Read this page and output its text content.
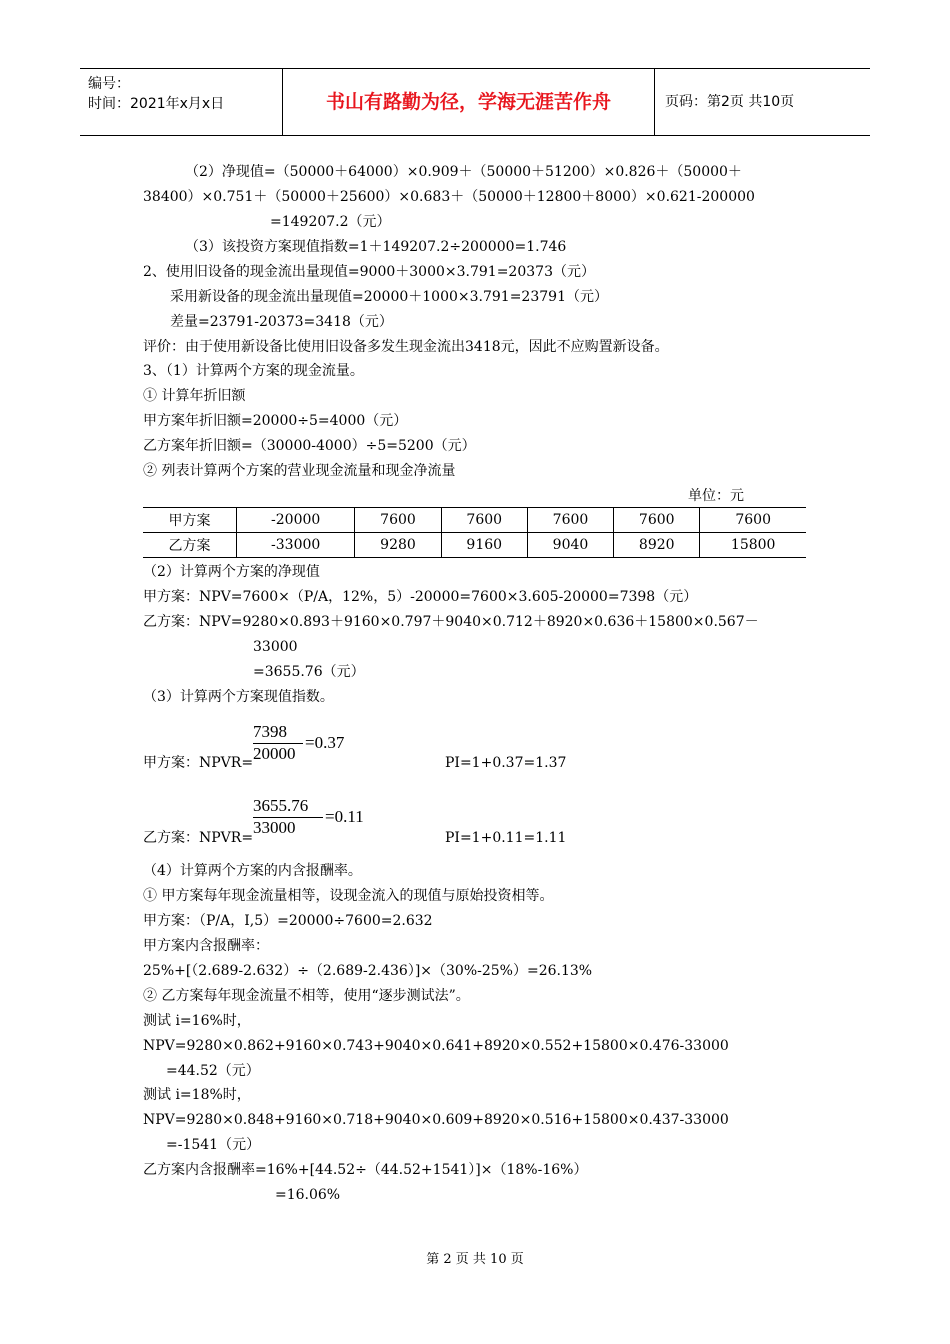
编号：
时间：2021年x月x日	书山有路勤为径，学海无涯苦作舟	页码：第2页 共10页
（2）净现值=（50000＋64000）×0.909＋（50000＋51200）×0.826＋（50000＋
38400）×0.751＋（50000＋25600）×0.683＋（50000＋12800＋8000）×0.621-200000
=149207.2（元）
（3）该投资方案现值指数=1＋149207.2÷200000=1.746
2、使用旧设备的现金流出量现值=9000＋3000×3.791=20373（元）
采用新设备的现金流出量现值=20000＋1000×3.791=23791（元）
差量=23791-20373=3418（元）
评价：由于使用新设备比使用旧设备多发生现金流出3418元，因此不应购置新设备。
3、（1）计算两个方案的现金流量。
① 计算年折旧额
甲方案年折旧额=20000÷5=4000（元）
乙方案年折旧额=（30000-4000）÷5=5200（元）
② 列表计算两个方案的营业现金流量和现金净流量
单位：元
甲方案	-20000	7600	7600	7600	7600	7600
乙方案	-33000	9280	9160	9040	8920	15800
（2）计算两个方案的净现值
甲方案：NPV=7600×（P/A，12%，5）-20000=7600×3.605-20000=7398（元）
乙方案：NPV=9280×0.893＋9160×0.797＋9040×0.712＋8920×0.636＋15800×0.567－
33000
=3655.76（元）
（3）计算两个方案现值指数。
7398
20000
=0.37
甲方案：NPVR=	PI=1+0.37=1.37
3655.76
33000
=0.11
乙方案：NPVR=	PI=1+0.11=1.11
（4）计算两个方案的内含报酬率。
① 甲方案每年现金流量相等，设现金流入的现值与原始投资相等。
甲方案：（P/A，I,5）=20000÷7600=2.632
甲方案内含报酬率：
25%+[（2.689-2.632）÷（2.689-2.436）]×（30%-25%）=26.13%
② 乙方案每年现金流量不相等，使用“逐步测试法”。
测试 i=16%时，
NPV=9280×0.862+9160×0.743+9040×0.641+8920×0.552+15800×0.476-33000
=44.52（元）
测试 i=18%时，
NPV=9280×0.848+9160×0.718+9040×0.609+8920×0.516+15800×0.437-33000
=-1541（元）
乙方案内含报酬率=16%+[44.52÷（44.52+1541）]×（18%-16%）
=16.06%
第 2 页 共 10 页
